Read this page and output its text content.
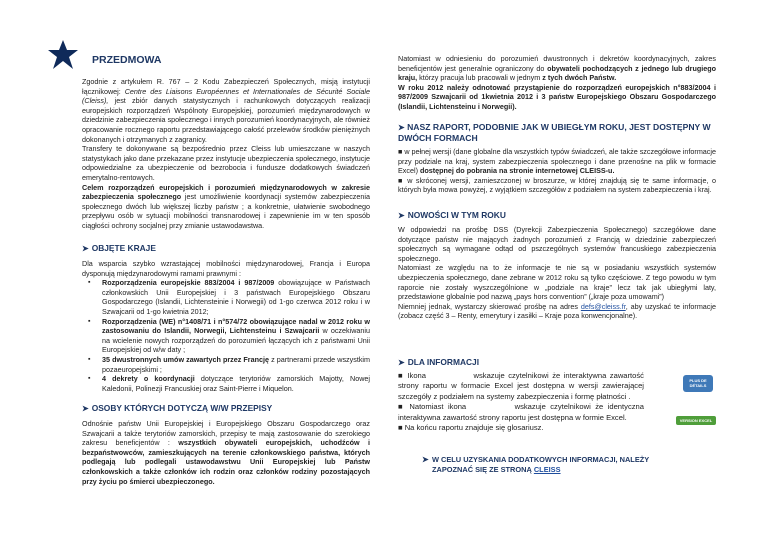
PRZEDMOWA

Zgodnie z artykułem R. 767 – 2 Kodu Zabezpieczeń Społecznych, misją instytucji łącznikowej: Centre des Liaisons Européennes et Internationales de Sécurité Sociale (Cleiss), jest zbiór danych statystycznych i rachunkowych dotyczących realizacji europejskich rozporządzeń Wspólnoty Europejskiej, porozumień międzynarodowych w dziedzinie zabezpieczenia społecznego i innych porozumień koordynacyjnych, ale również opracowanie rocznego raportu przedstawiającego całość przelewów środków pieniężnych dokonanych i otrzymanych z zagranicy.

Transfery te dokonywane są bezpośrednio przez Cleiss lub umieszczane w naszych statystykach jako dane przekazane przez instytucje ubezpieczenia społecznego, instytucje odpowiedzialne za ubezpieczenie od bezrobocia i fundusze dodatkowych świadczeń emerytalno-rentowych.

Celem rozporządzeń europejskich i porozumień międzynarodowych w zakresie zabezpieczenia społecznego jest umożliwienie koordynacji systemów zabezpieczenia społecznego dwóch lub większej liczby państw ; a konkretnie, ułatwienie swobodnego przepływu osób w sytuacji mobilności transnarodowej i zapewnienie im w ten sposób ciągłości ochrony socjalnej przy zmianie ustawodawstwa.

➤ OBJĘTE KRAJE

Dla wsparcia szybko wzrastającej mobilności międzynarodowej, Francja i Europa dysponują międzynarodowymi ramami prawnymi :

▪ Rozporządzenia europejskie 883/2004 i 987/2009 obowiązujące w Państwach członkowskich Unii Europejskiej i 3 państwach Europejskiego Obszaru Gospodarczego (Islandii, Lichtensteinie i Norwegii) od 1-go czerwca 2012 roku i w Szwajcarii od 1-go kwietnia 2012;
▪ Rozporządzenia (WE) n°1408/71 i n°574/72 obowiązujące nadal w 2012 roku w zastosowaniu do Islandii, Norwegii, Lichtensteinu i Szwajcarii w oczekiwaniu na wcielenie nowych rozporządzeń do porozumień łączących ich z państwami Unii Europejskiej od w/w daty ;
▪ 35 dwustronnych umów zawartych przez Francję z partnerami przede wszystkim pozaeuropejskimi ;
▪ 4 dekrety o koordynacji dotyczące terytoriów zamorskich Majotty, Nowej Kaledonii, Polinezji Francuskiej oraz Saint-Pierre i Miquelon.
➤ OSOBY KTÓRYCH DOTYCZĄ W/W PRZEPISY

Odnośnie państw Unii Europejskiej i Europejskiego Obszaru Gospodarczego oraz Szwajcarii a także terytoriów zamorskich, przepisy te mają zastosowanie do szerokiego zakresu beneficjentów : wszystkich obywateli europejskich, uchodźców i bezpaństwowców, zamieszkujących na terenie członkowskiego państwa, których podlegają lub podlegali ustawodawstwu Unii Europejskiej lub Państw członkowskich a także członków ich rodzin oraz członków rodziny pozostających przy życiu po śmierci ubezpieczonego.

Natomiast w odniesieniu do porozumień dwustronnych i dekretów koordynacyjnych, zakres beneficjentów jest generalnie ograniczony do obywateli pochodzących z jednego lub drugiego kraju, którzy pracuja lub pracowali w jednym z tych dwóch Państw.

W roku 2012 należy odnotować przystąpienie do rozporządzeń europejskich n°883/2004 i 987/2009 Szwajcarii od 1kwietnia 2012 i 3 państw Europejskiego Obszaru Gospodarczego (Islandii, Lichtensteinu i Norwegii).

➤ NASZ RAPORT, PODOBNIE JAK W UBIEGŁYM ROKU, JEST DOSTĘPNY W DWÓCH FORMACH

■ w pełnej wersji (dane globalne dla wszystkich typów świadczeń, ale także szczegółowe informacje przy podziale na kraj, system zabezpieczenia społecznego i dane przenośne na plik w formacie Excel) dostępnej do pobrania na stronie internetowej CLEISS-u.

■ w skróconej wersji, zamieszczonej w broszurze, w której znajdują się te same informacje, o których była mowa powyżej, z wyjątkiem szczegółów z podziałem na system zabezpieczenia i kraj.

➤ NOWOŚCI W TYM ROKU

W odpowiedzi na prośbę DSS (Dyrekcji Zabezpieczenia Społecznego) szczegółowe dane dotyczące państw nie mających żadnych porozumień z Francją w dziedzinie zabezpieczeń społecznych są wymagane odtąd od pszczególnych systemów francuskiego zabezpieczenia społecznego.

Natomiast ze względu na to że informacje te nie są w posiadaniu wszystkich systemów ubezpieczenia społecznego, dane zebrane w 2012 roku są tylko częściowe. Z tego powodu w tym raporcie nie zostały wyszczególnione w „podziale na kraje” lecz tak jak ubiegłymi laty, przedstawione globalnie pod nazwą „pays hors convention” („kraje poza umowami”)

Niemniej jednak, wystarczy skierować prośbę na adres defs@cleiss.fr, aby uzyskać te informacje (zobacz część 3 – Renty, emerytury i zasiłki – Kraje poza konwencjonalne).

➤ DLA INFORMACJI

■ Ikona	wskazuje czytelnikowi że interaktywna zawartość strony raportu w formacie Excel jest dostępna w wersji zawierającej szczegóły z podziałem na systemy zabezpieczenia i formę płatności .

■ Natomiast ikona	wskazuje czytelnikowi że identyczna interaktywna zawartość strony raportu jest dostępna w formie Excel.

■ Na końcu raportu znajduje się glosariusz.

PLUS DE DÉTAILS
VERSION EXCEL
➤ W CELU UZYSKANIA DODATKOWYCH INFORMACJI, NALEŻY ZAPOZNAĆ SIĘ ZE STRONĄ CLEISS
